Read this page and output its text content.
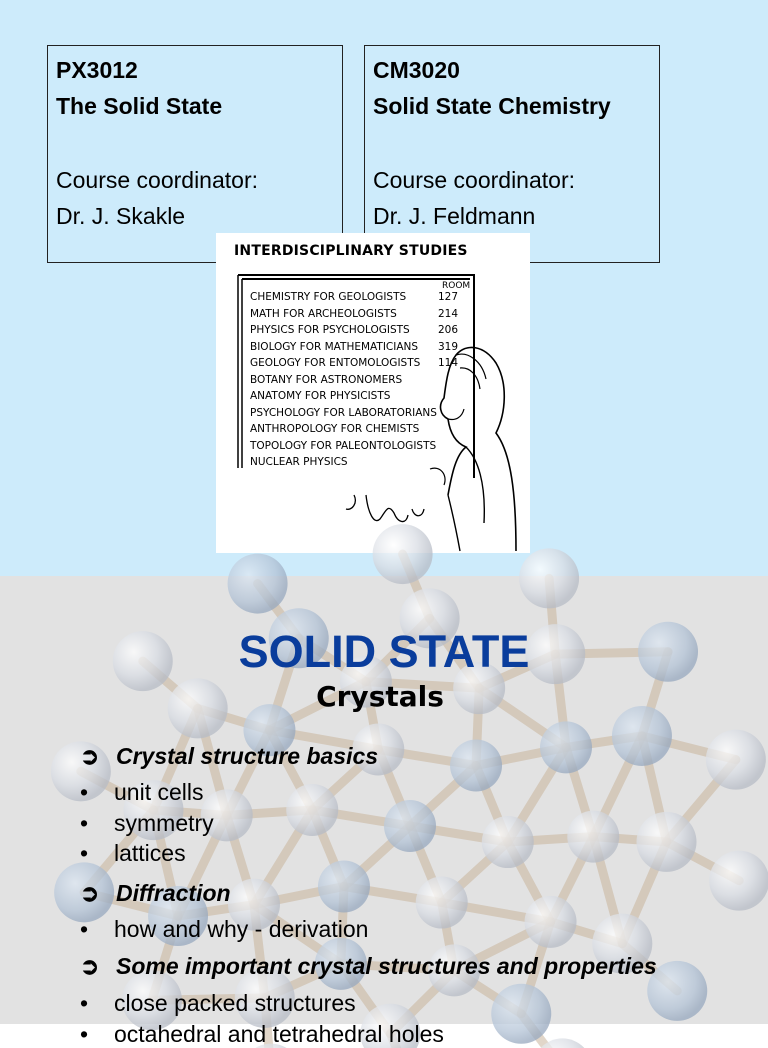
PX3012
The Solid State
Course coordinator:
Dr. J. Skakle
CM3020
Solid State Chemistry
Course coordinator:
Dr. J. Feldmann
INTERDISCIPLINARY STUDIES
ROOM
CHEMISTRY FOR GEOLOGISTS	127
MATH FOR ARCHEOLOGISTS	214
PHYSICS FOR PSYCHOLOGISTS	206
BIOLOGY FOR MATHEMATICIANS 319
GEOLOGY FOR ENTOMOLOGISTS 114
BOTANY FOR ASTRONOMERS
ANATOMY FOR PHYSICISTS
PSYCHOLOGY FOR LABORATORIANS
ANTHROPOLOGY FOR CHEMISTS
TOPOLOGY FOR PALEONTOLOGISTS
NUCLEAR PHYSICS
SOLID STATE
Crystals
➲ Crystal structure basics
• unit cells
• symmetry
• lattices
➲ Diffraction
• how and why - derivation
➲ Some important crystal structures and properties
• close packed structures
• octahedral and tetrahedral holes
